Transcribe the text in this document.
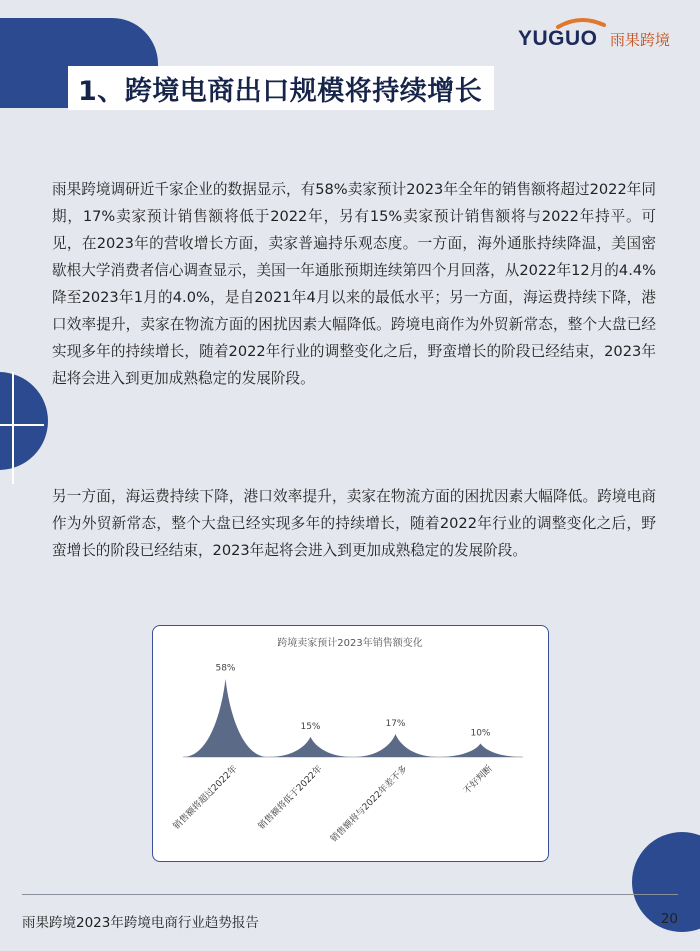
1、跨境电商出口规模将持续增长
YUGUO 雨果跨境

雨果跨境调研近千家企业的数据显示，有58%卖家预计2023年全年的销售额将超过2022年同期，17%卖家预计销售额将低于2022年，另有15%卖家预计销售额将与2022年持平。可见，在2023年的营收增长方面，卖家普遍持乐观态度。一方面，海外通胀持续降温，美国密歇根大学消费者信心调查显示，美国一年通胀预期连续第四个月回落，从2022年12月的4.4%降至2023年1月的4.0%，是自2021年4月以来的最低水平；另一方面，海运费持续下降，港口效率提升，卖家在物流方面的困扰因素大幅降低。跨境电商作为外贸新常态，整个大盘已经实现多年的持续增长，随着2022年行业的调整变化之后，野蛮增长的阶段已经结束，2023年起将会进入到更加成熟稳定的发展阶段。

另一方面，海运费持续下降，港口效率提升，卖家在物流方面的困扰因素大幅降低。跨境电商作为外贸新常态，整个大盘已经实现多年的持续增长，随着2022年行业的调整变化之后，野蛮增长的阶段已经结束，2023年起将会进入到更加成熟稳定的发展阶段。

跨境卖家预计2023年销售额变化
58%
销售额将超过2022年
15%
销售额将低于2022年
17%
销售额将与2022年差不多
10%
不好判断
雨果跨境2023年跨境电商行业趋势报告	20
